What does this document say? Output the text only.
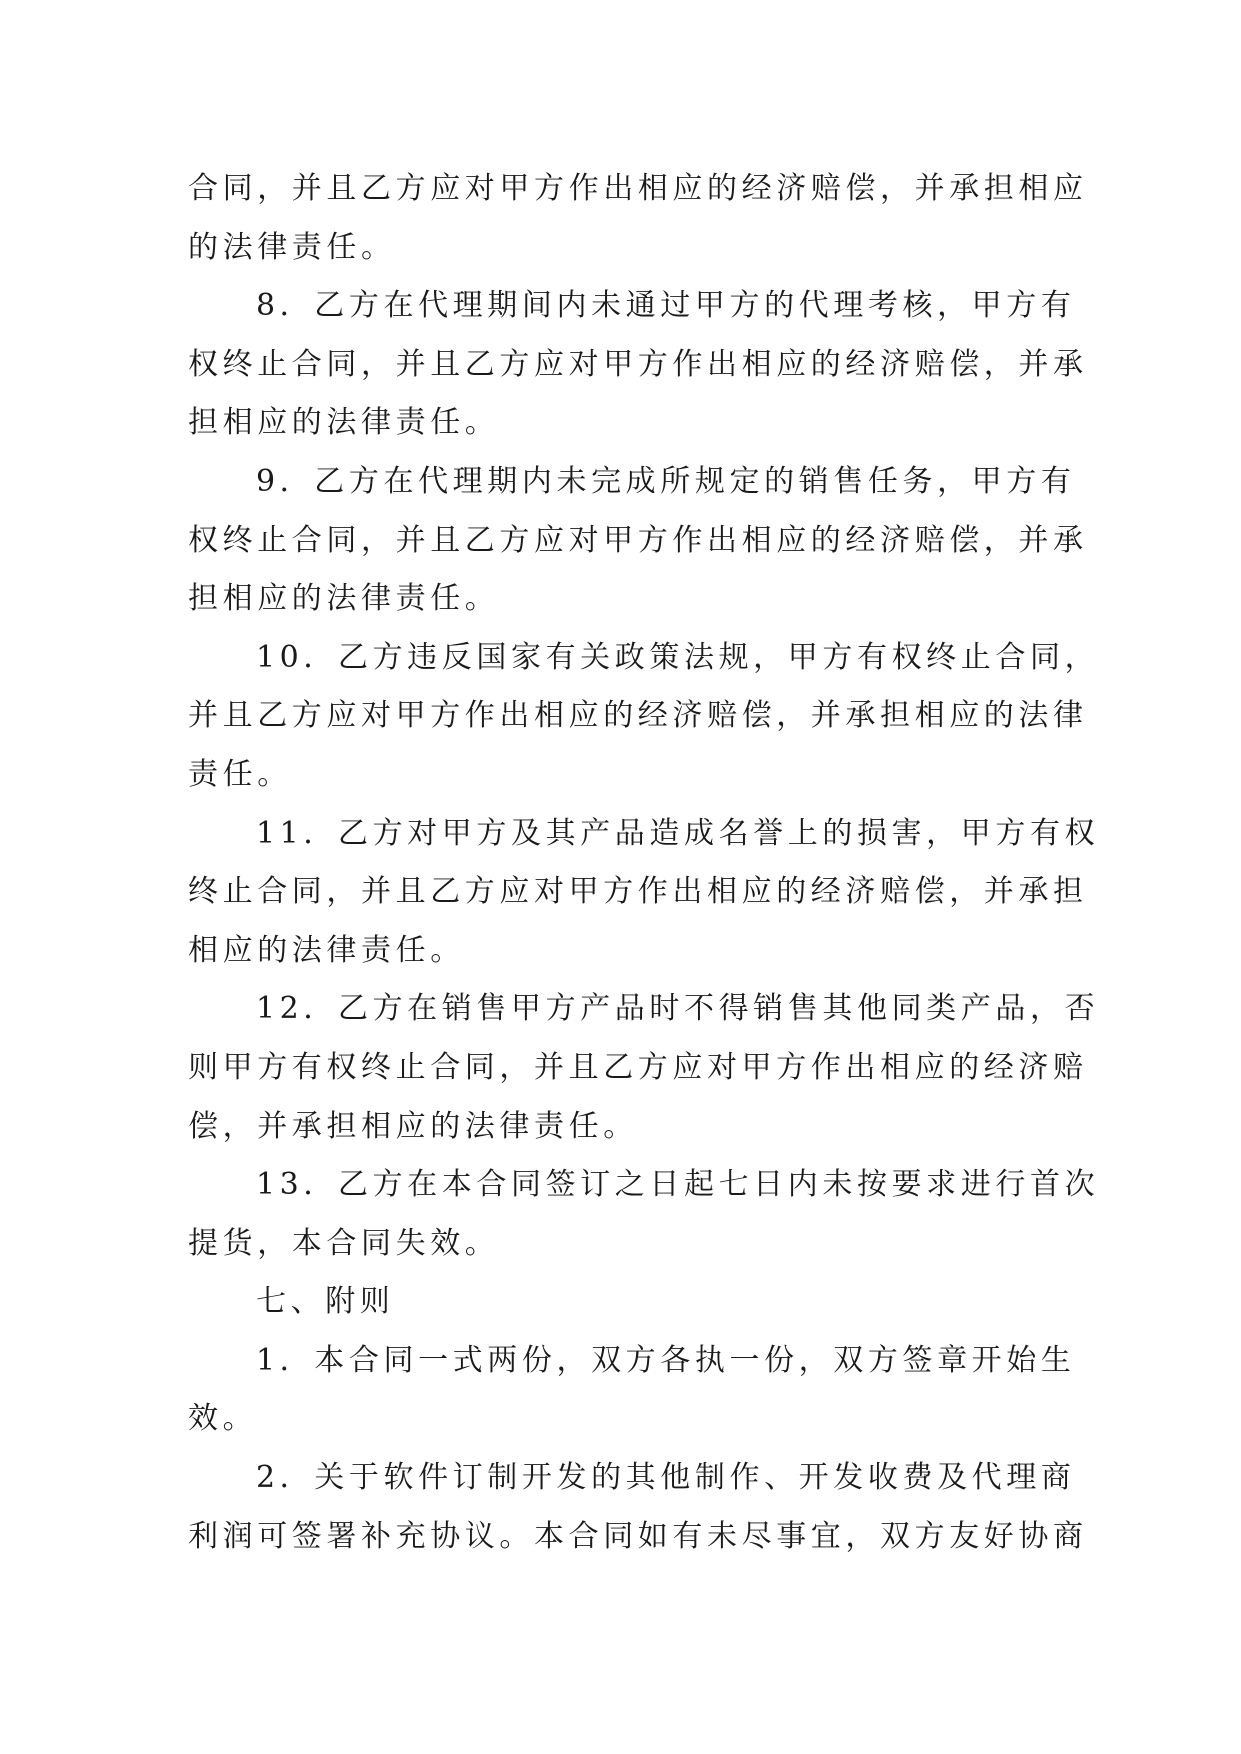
合同，并且乙方应对甲方作出相应的经济赔偿，并承担相应
的法律责任。
8．乙方在代理期间内未通过甲方的代理考核，甲方有
权终止合同，并且乙方应对甲方作出相应的经济赔偿，并承
担相应的法律责任。
9．乙方在代理期内未完成所规定的销售任务，甲方有
权终止合同，并且乙方应对甲方作出相应的经济赔偿，并承
担相应的法律责任。
10．乙方违反国家有关政策法规，甲方有权终止合同，
并且乙方应对甲方作出相应的经济赔偿，并承担相应的法律
责任。
11．乙方对甲方及其产品造成名誉上的损害，甲方有权
终止合同，并且乙方应对甲方作出相应的经济赔偿，并承担
相应的法律责任。
12．乙方在销售甲方产品时不得销售其他同类产品，否
则甲方有权终止合同，并且乙方应对甲方作出相应的经济赔
偿，并承担相应的法律责任。
13．乙方在本合同签订之日起七日内未按要求进行首次
提货，本合同失效。
七、附则
1．本合同一式两份，双方各执一份，双方签章开始生
效。
2．关于软件订制开发的其他制作、开发收费及代理商
利润可签署补充协议。本合同如有未尽事宜，双方友好协商
